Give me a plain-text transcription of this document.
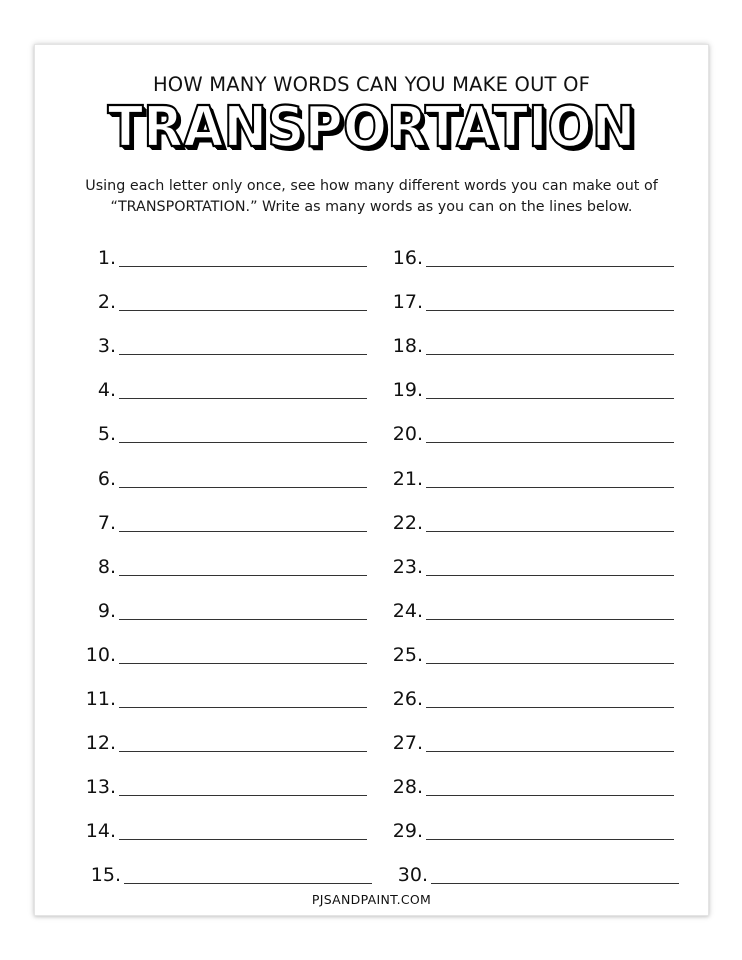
HOW MANY WORDS CAN YOU MAKE OUT OF
TRANSPORTATION
Using each letter only once, see how many different words you can make out of
“TRANSPORTATION.” Write as many words as you can on the lines below.
1.
2.
3.
4.
5.
6.
7.
8.
9.
10.
11.
12.
13.
14.
15.
16.
17.
18.
19.
20.
21.
22.
23.
24.
25.
26.
27.
28.
29.
30.
PJSANDPAINT.COM
